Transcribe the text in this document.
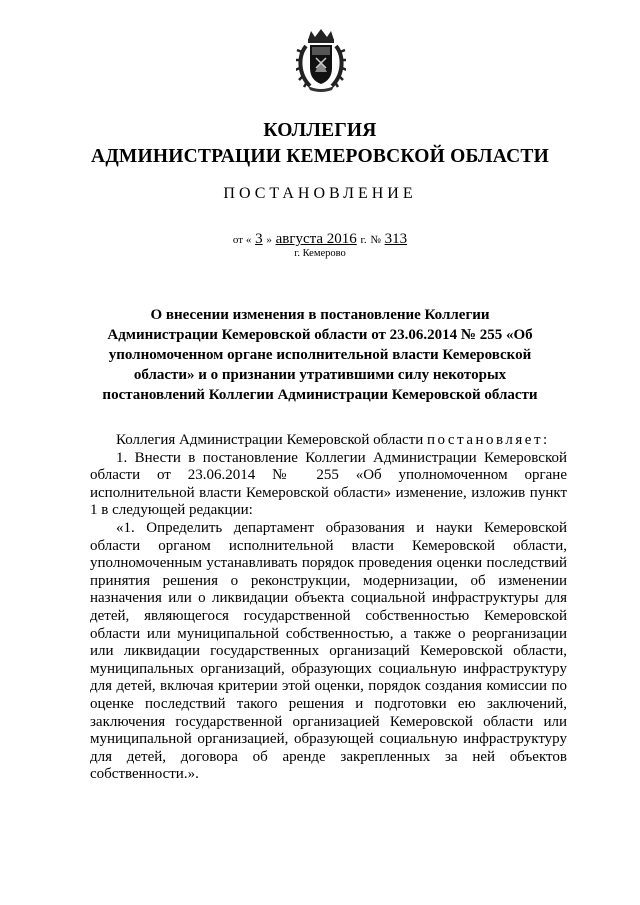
КОЛЛЕГИЯ
АДМИНИСТРАЦИИ КЕМЕРОВСКОЙ ОБЛАСТИ
ПОСТАНОВЛЕНИЕ
от « 3 » августа 2016 г. № 313
г. Кемерово
О внесении изменения в постановление Коллегии Администрации Кемеровской области от 23.06.2014 № 255 «Об уполномоченном органе исполнительной власти Кемеровской области» и о признании утратившими силу некоторых постановлений Коллегии Администрации Кемеровской области

Коллегия Администрации Кемеровской области постановляет:

1. Внести в постановление Коллегии Администрации Кемеровской области от 23.06.2014 № 255 «Об уполномоченном органе исполнительной власти Кемеровской области» изменение, изложив пункт 1 в следующей редакции:

«1. Определить департамент образования и науки Кемеровской области органом исполнительной власти Кемеровской области, уполномоченным устанавливать порядок проведения оценки последствий принятия решения о реконструкции, модернизации, об изменении назначения или о ликвидации объекта социальной инфраструктуры для детей, являющегося государственной собственностью Кемеровской области или муниципальной собственностью, а также о реорганизации или ликвидации государственных организаций Кемеровской области, муниципальных организаций, образующих социальную инфраструктуру для детей, включая критерии этой оценки, порядок создания комиссии по оценке последствий такого решения и подготовки ею заключений, заключения государственной организацией Кемеровской области или муниципальной организацией, образующей социальную инфраструктуру для детей, договора об аренде закрепленных за ней объектов собственности.».
